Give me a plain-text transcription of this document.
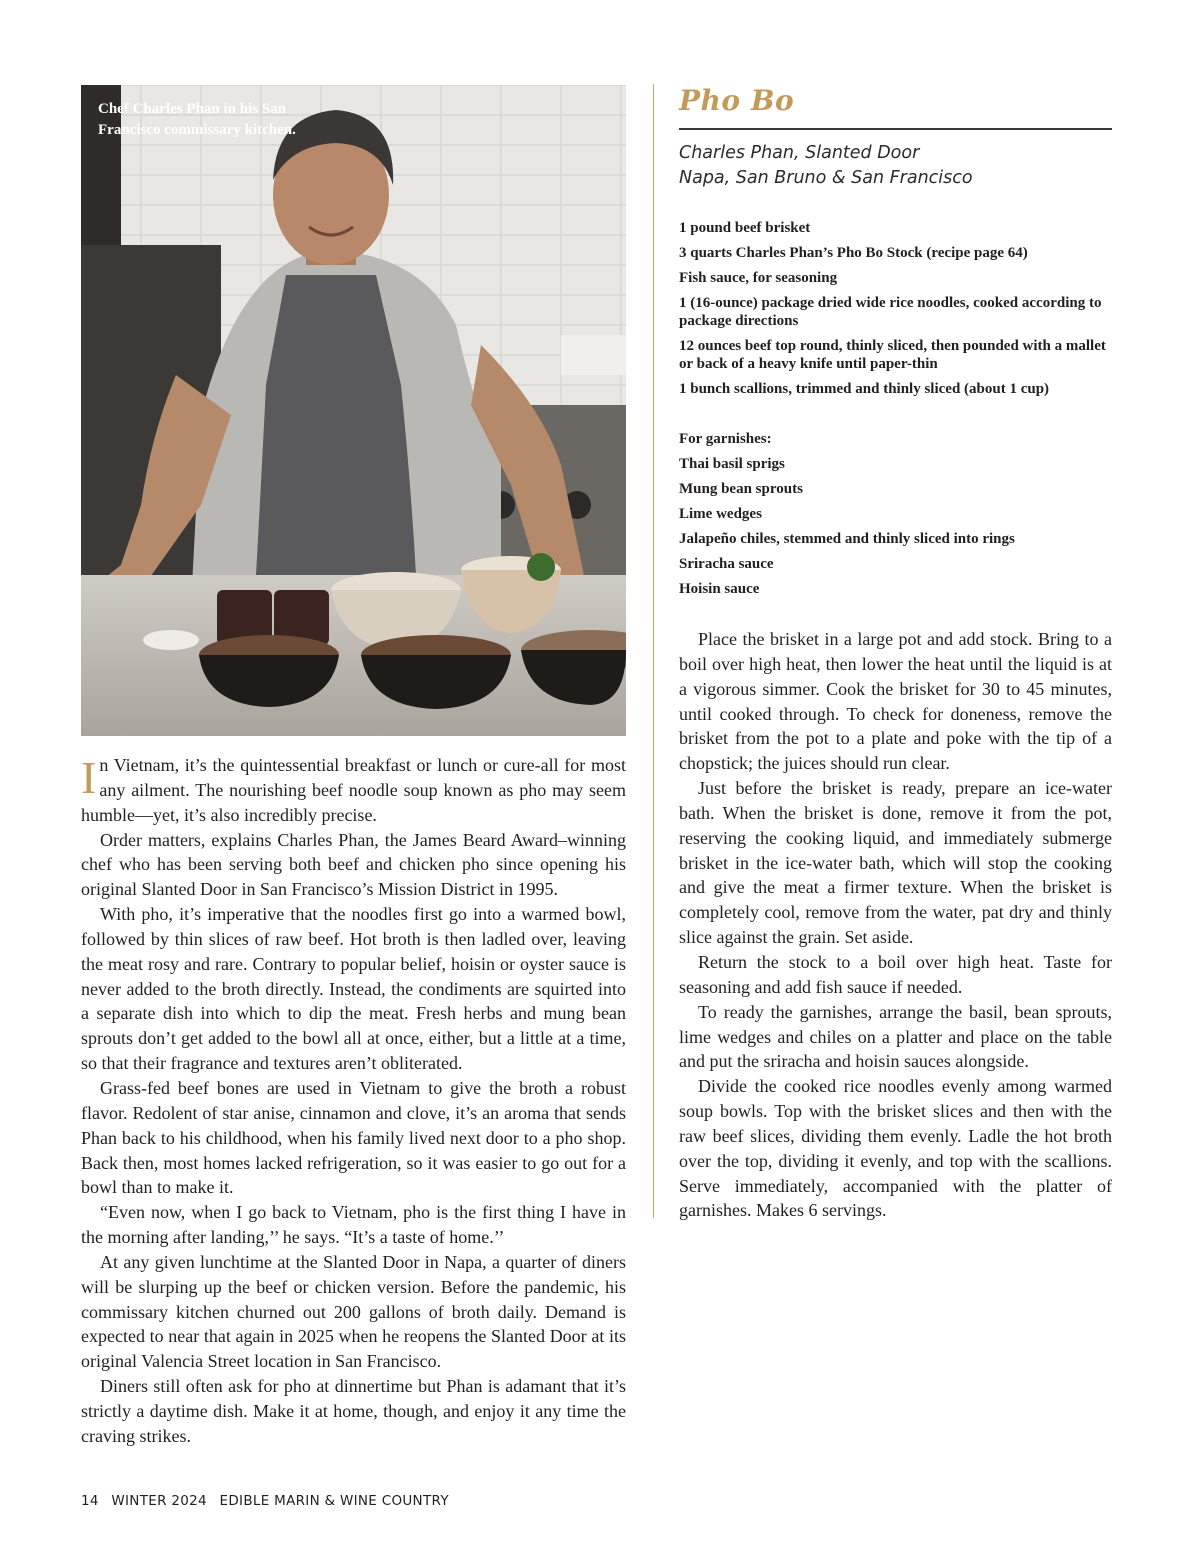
Chef Charles Phan in his San Francisco commissary kitchen.

In Vietnam, it’s the quintessential breakfast or lunch or cure-all for most any ailment. The nourishing beef noodle soup known as pho may seem humble—yet, it’s also incredibly precise.

Order matters, explains Charles Phan, the James Beard Award–winning chef who has been serving both beef and chicken pho since opening his original Slanted Door in San Francisco’s Mission District in 1995.

With pho, it’s imperative that the noodles first go into a warmed bowl, followed by thin slices of raw beef. Hot broth is then ladled over, leaving the meat rosy and rare. Contrary to popular belief, hoisin or oyster sauce is never added to the broth directly. Instead, the condiments are squirted into a separate dish into which to dip the meat. Fresh herbs and mung bean sprouts don’t get added to the bowl all at once, either, but a little at a time, so that their fragrance and textures aren’t obliterated.

Grass-fed beef bones are used in Vietnam to give the broth a robust flavor. Redolent of star anise, cinnamon and clove, it’s an aroma that sends Phan back to his childhood, when his family lived next door to a pho shop. Back then, most homes lacked refrigeration, so it was easier to go out for a bowl than to make it.

“Even now, when I go back to Vietnam, pho is the first thing I have in the morning after landing,’’ he says. “It’s a taste of home.’’

At any given lunchtime at the Slanted Door in Napa, a quarter of diners will be slurping up the beef or chicken version. Before the pandemic, his commissary kitchen churned out 200 gallons of broth daily. Demand is expected to near that again in 2025 when he reopens the Slanted Door at its original Valencia Street location in San Francisco.

Diners still often ask for pho at dinnertime but Phan is adamant that it’s strictly a daytime dish. Make it at home, though, and enjoy it any time the craving strikes.

Pho Bo
Charles Phan, Slanted Door
Napa, San Bruno & San Francisco
1 pound beef brisket
3 quarts Charles Phan’s Pho Bo Stock (recipe page 64)
Fish sauce, for seasoning
1 (16-ounce) package dried wide rice noodles, cooked according to package directions
12 ounces beef top round, thinly sliced, then pounded with a mallet or back of a heavy knife until paper-thin
1 bunch scallions, trimmed and thinly sliced (about 1 cup)
For garnishes:
Thai basil sprigs
Mung bean sprouts
Lime wedges
Jalapeño chiles, stemmed and thinly sliced into rings
Sriracha sauce
Hoisin sauce

Place the brisket in a large pot and add stock. Bring to a boil over high heat, then lower the heat until the liquid is at a vigorous simmer. Cook the brisket for 30 to 45 minutes, until cooked through. To check for doneness, remove the brisket from the pot to a plate and poke with the tip of a chopstick; the juices should run clear.

Just before the brisket is ready, prepare an ice-water bath. When the brisket is done, remove it from the pot, reserving the cooking liquid, and immediately submerge brisket in the ice-water bath, which will stop the cooking and give the meat a firmer texture. When the brisket is completely cool, remove from the water, pat dry and thinly slice against the grain. Set aside.

Return the stock to a boil over high heat. Taste for seasoning and add fish sauce if needed.

To ready the garnishes, arrange the basil, bean sprouts, lime wedges and chiles on a platter and place on the table and put the sriracha and hoisin sauces alongside.

Divide the cooked rice noodles evenly among warmed soup bowls. Top with the brisket slices and then with the raw beef slices, dividing them evenly. Ladle the hot broth over the top, dividing it evenly, and top with the scallions. Serve immediately, accompanied with the platter of garnishes. Makes 6 servings.

14 WINTER 2024 EDIBLE MARIN & WINE COUNTRY
